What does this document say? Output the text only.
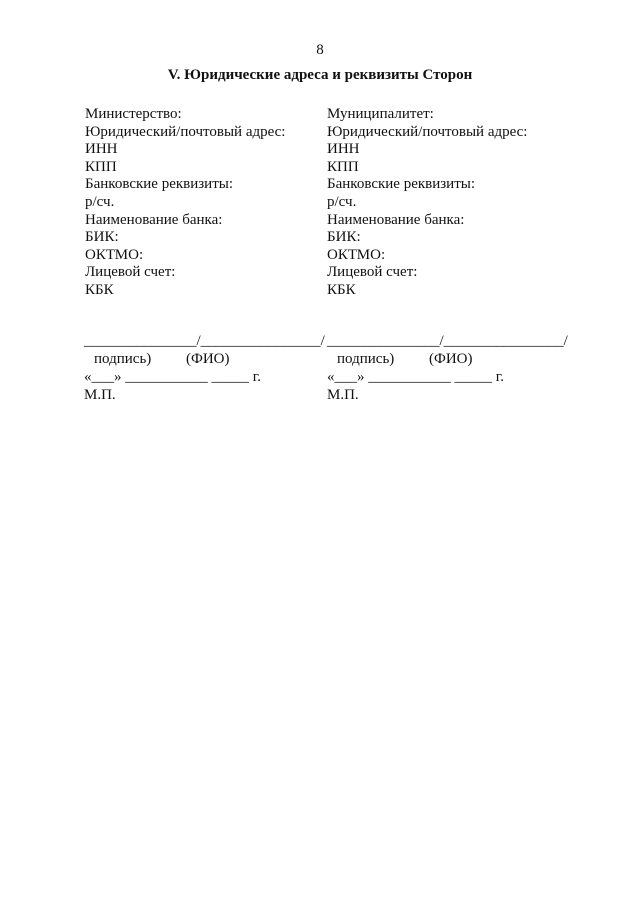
8
V. Юридические адреса и реквизиты Сторон
Министерство:
Юридический/почтовый адрес:
ИНН
КПП
Банковские реквизиты:
р/сч.
Наименование банка:
БИК:
ОКТМО:
Лицевой счет:
КБК
Муниципалитет:
Юридический/почтовый адрес:
ИНН
КПП
Банковские реквизиты:
р/сч.
Наименование банка:
БИК:
ОКТМО:
Лицевой счет:
КБК
_______________/________________/
подпись) (ФИО)
«___» ___________ _____ г.
М.П.
_______________/________________/
подпись) (ФИО)
«___» ___________ _____ г.
М.П.
